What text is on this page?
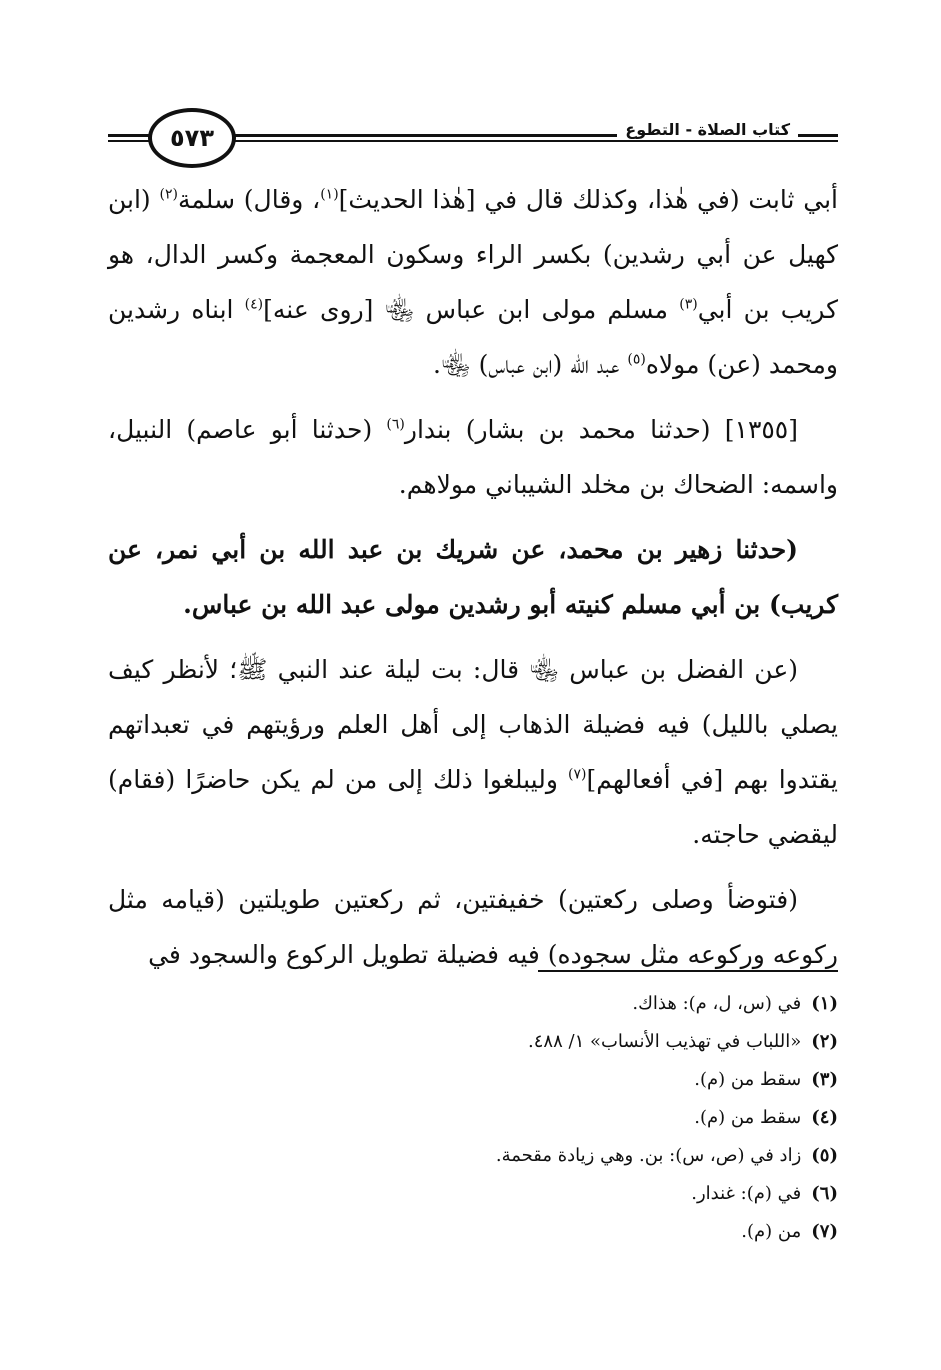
٥٧٣	كتاب الصلاة - التطوع

أبي ثابت (في هٰذا، وكذلك قال في [هٰذا الحديث]$^{(١)}$، وقال) سلمة$^{(٢)}$ (ابن كهيل عن أبي رشدين) بكسر الراء وسكون المعجمة وكسر الدال، هو كريب بن أبي$^{(٣)}$ مسلم مولى ابن عباس ﵄ [روى عنه]$^{(٤)}$ ابناه رشدين ومحمد (عن) مولاه$^{(٥)}$ عبد الله (ابن عباس) ﵄.

[١٣٥٥] (حدثنا محمد بن بشار) بندار$^{(٦)}$ (حدثنا أبو عاصم) النبيل، واسمه: الضحاك بن مخلد الشيباني مولاهم.

(حدثنا زهير بن محمد، عن شريك بن عبد الله بن أبي نمر، عن كريب) بن أبي مسلم كنيته أبو رشدين مولى عبد الله بن عباس.

(عن الفضل بن عباس ﵄ قال: بت ليلة عند النبي ﷺ؛ لأنظر كيف يصلي بالليل) فيه فضيلة الذهاب إلى أهل العلم ورؤيتهم في تعبداتهم يقتدوا بهم [في أفعالهم]$^{(٧)}$ وليبلغوا ذلك إلى من لم يكن حاضرًا (فقام) ليقضي حاجته.

(فتوضأ وصلى ركعتين) خفيفتين، ثم ركعتين طويلتين (قيامه مثل ركوعه وركوعه مثل سجوده) فيه فضيلة تطويل الركوع والسجود في

(١)في (س، ل، م): هذاك.
(٢)«اللباب في تهذيب الأنساب» ١/ ٤٨٨.
(٣)سقط من (م).
(٤)سقط من (م).
(٥)زاد في (ص، س): بن. وهي زيادة مقحمة.
(٦)في (م): غندار.
(٧)من (م).
